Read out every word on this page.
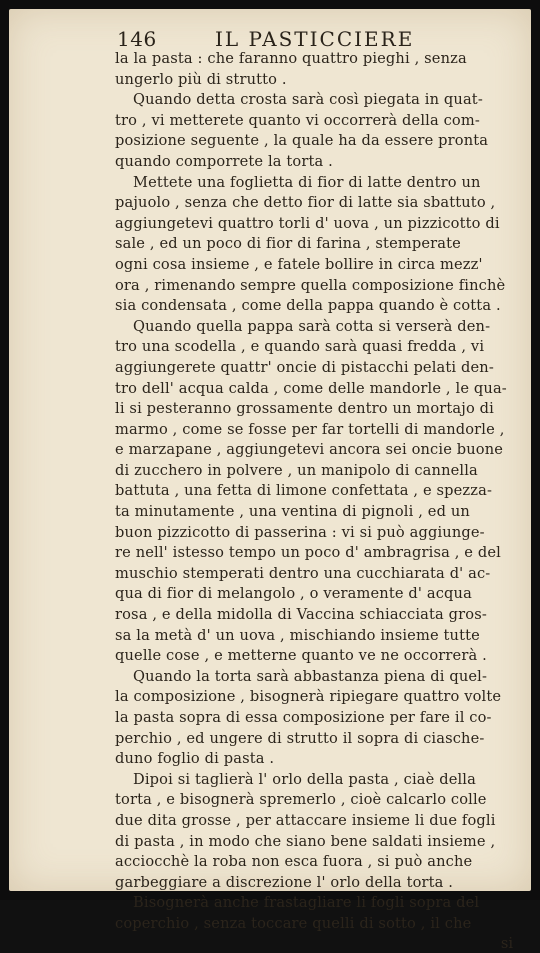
146	IL PASTICCIERE
la la pasta : che faranno quattro pieghi , senza
ungerlo più di strutto .
Quando detta crosta sarà così piegata in quat-
tro , vi metterete quanto vi occorrerà della com-
posizione seguente , la quale ha da essere pronta
quando comporrete la torta .
Mettete una foglietta di fior di latte dentro un
pajuolo , senza che detto fior di latte sia sbattuto ,
aggiungetevi quattro torli d' uova , un pizzicotto di
sale , ed un poco di fior di farina , stemperate
ogni cosa insieme , e fatele bollire in circa mezz'
ora , rimenando sempre quella composizione finchè
sia condensata , come della pappa quando è cotta .
Quando quella pappa sarà cotta si verserà den-
tro una scodella , e quando sarà quasi fredda , vi
aggiungerete quattr' oncie di pistacchi pelati den-
tro dell' acqua calda , come delle mandorle , le qua-
li si pesteranno grossamente dentro un mortajo di
marmo , come se fosse per far tortelli di mandorle ,
e marzapane , aggiungetevi ancora sei oncie buone
di zucchero in polvere , un manipolo di cannella
battuta , una fetta di limone confettata , e spezza-
ta minutamente , una ventina di pignoli , ed un
buon pizzicotto di passerina : vi si può aggiunge-
re nell' istesso tempo un poco d' ambragrisa , e del
muschio stemperati dentro una cucchiarata d' ac-
qua di fior di melangolo , o veramente d' acqua
rosa , e della midolla di Vaccina schiacciata gros-
sa la metà d' un uova , mischiando insieme tutte
quelle cose , e metterne quanto ve ne occorrerà .
Quando la torta sarà abbastanza piena di quel-
la composizione , bisognerà ripiegare quattro volte
la pasta sopra di essa composizione per fare il co-
perchio , ed ungere di strutto il sopra di ciasche-
duno foglio di pasta .
Dipoi si taglierà l' orlo della pasta , ciaè della
torta , e bisognerà spremerlo , cioè calcarlo colle
due dita grosse , per attaccare insieme li due fogli
di pasta , in modo che siano bene saldati insieme ,
acciocchè la roba non esca fuora , si può anche
garbeggiare a discrezione l' orlo della torta .
Bisognerà anche frastagliare li fogli sopra del
coperchio , senza toccare quelli di sotto , il che
si
